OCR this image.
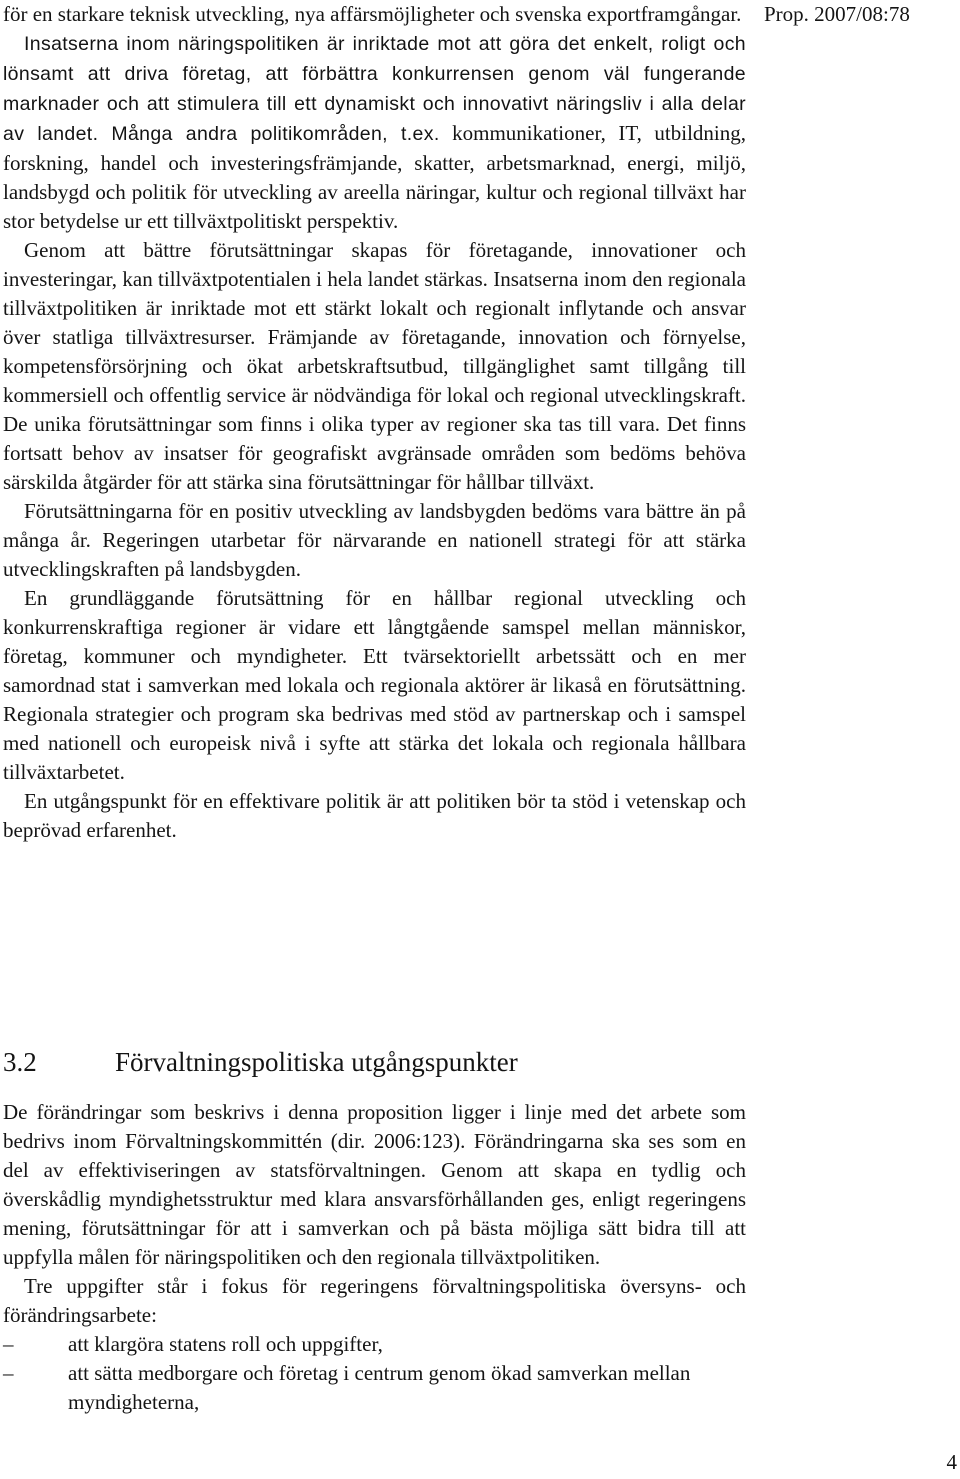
Prop. 2007/08:78

för en starkare teknisk utveckling, nya affärsmöjligheter och svenska exportframgångar.

Insatserna inom näringspolitiken är inriktade mot att göra det enkelt, roligt och lönsamt att driva företag, att förbättra konkurrensen genom väl fungerande marknader och att stimulera till ett dynamiskt och innovativt näringsliv i alla delar av landet. Många andra politikområden, t.ex. kommunikationer, IT, utbildning, forskning, handel och investeringsfrämjande, skatter, arbetsmarknad, energi, miljö, landsbygd och politik för utveckling av areella näringar, kultur och regional tillväxt har stor betydelse ur ett tillväxtpolitiskt perspektiv.

Genom att bättre förutsättningar skapas för företagande, innovationer och investeringar, kan tillväxtpotentialen i hela landet stärkas. Insatserna inom den regionala tillväxtpolitiken är inriktade mot ett stärkt lokalt och regionalt inflytande och ansvar över statliga tillväxtresurser. Främjande av företagande, innovation och förnyelse, kompetensförsörjning och ökat arbetskraftsutbud, tillgänglighet samt tillgång till kommersiell och offentlig service är nödvändiga för lokal och regional utvecklingskraft. De unika förutsättningar som finns i olika typer av regioner ska tas till vara. Det finns fortsatt behov av insatser för geografiskt avgränsade områden som bedöms behöva särskilda åtgärder för att stärka sina förutsättningar för hållbar tillväxt.

Förutsättningarna för en positiv utveckling av landsbygden bedöms vara bättre än på många år. Regeringen utarbetar för närvarande en nationell strategi för att stärka utvecklingskraften på landsbygden.

En grundläggande förutsättning för en hållbar regional utveckling och konkurrenskraftiga regioner är vidare ett långtgående samspel mellan människor, företag, kommuner och myndigheter. Ett tvärsektoriellt arbetssätt och en mer samordnad stat i samverkan med lokala och regionala aktörer är likaså en förutsättning. Regionala strategier och program ska bedrivas med stöd av partnerskap och i samspel med nationell och europeisk nivå i syfte att stärka det lokala och regionala hållbara tillväxtarbetet.

En utgångspunkt för en effektivare politik är att politiken bör ta stöd i vetenskap och beprövad erfarenhet.

3.2	Förvaltningspolitiska utgångspunkter

De förändringar som beskrivs i denna proposition ligger i linje med det arbete som bedrivs inom Förvaltningskommittén (dir. 2006:123). Förändringarna ska ses som en del av effektiviseringen av statsförvaltningen. Genom att skapa en tydlig och överskådlig myndighetsstruktur med klara ansvarsförhållanden ges, enligt regeringens mening, förutsättningar för att i samverkan och på bästa möjliga sätt bidra till att uppfylla målen för näringspolitiken och den regionala tillväxtpolitiken.

Tre uppgifter står i fokus för regeringens förvaltningspolitiska översyns- och förändringsarbete:

–	att klargöra statens roll och uppgifter,
–	att sätta medborgare och företag i centrum genom ökad samverkan mellan myndigheterna,
4
